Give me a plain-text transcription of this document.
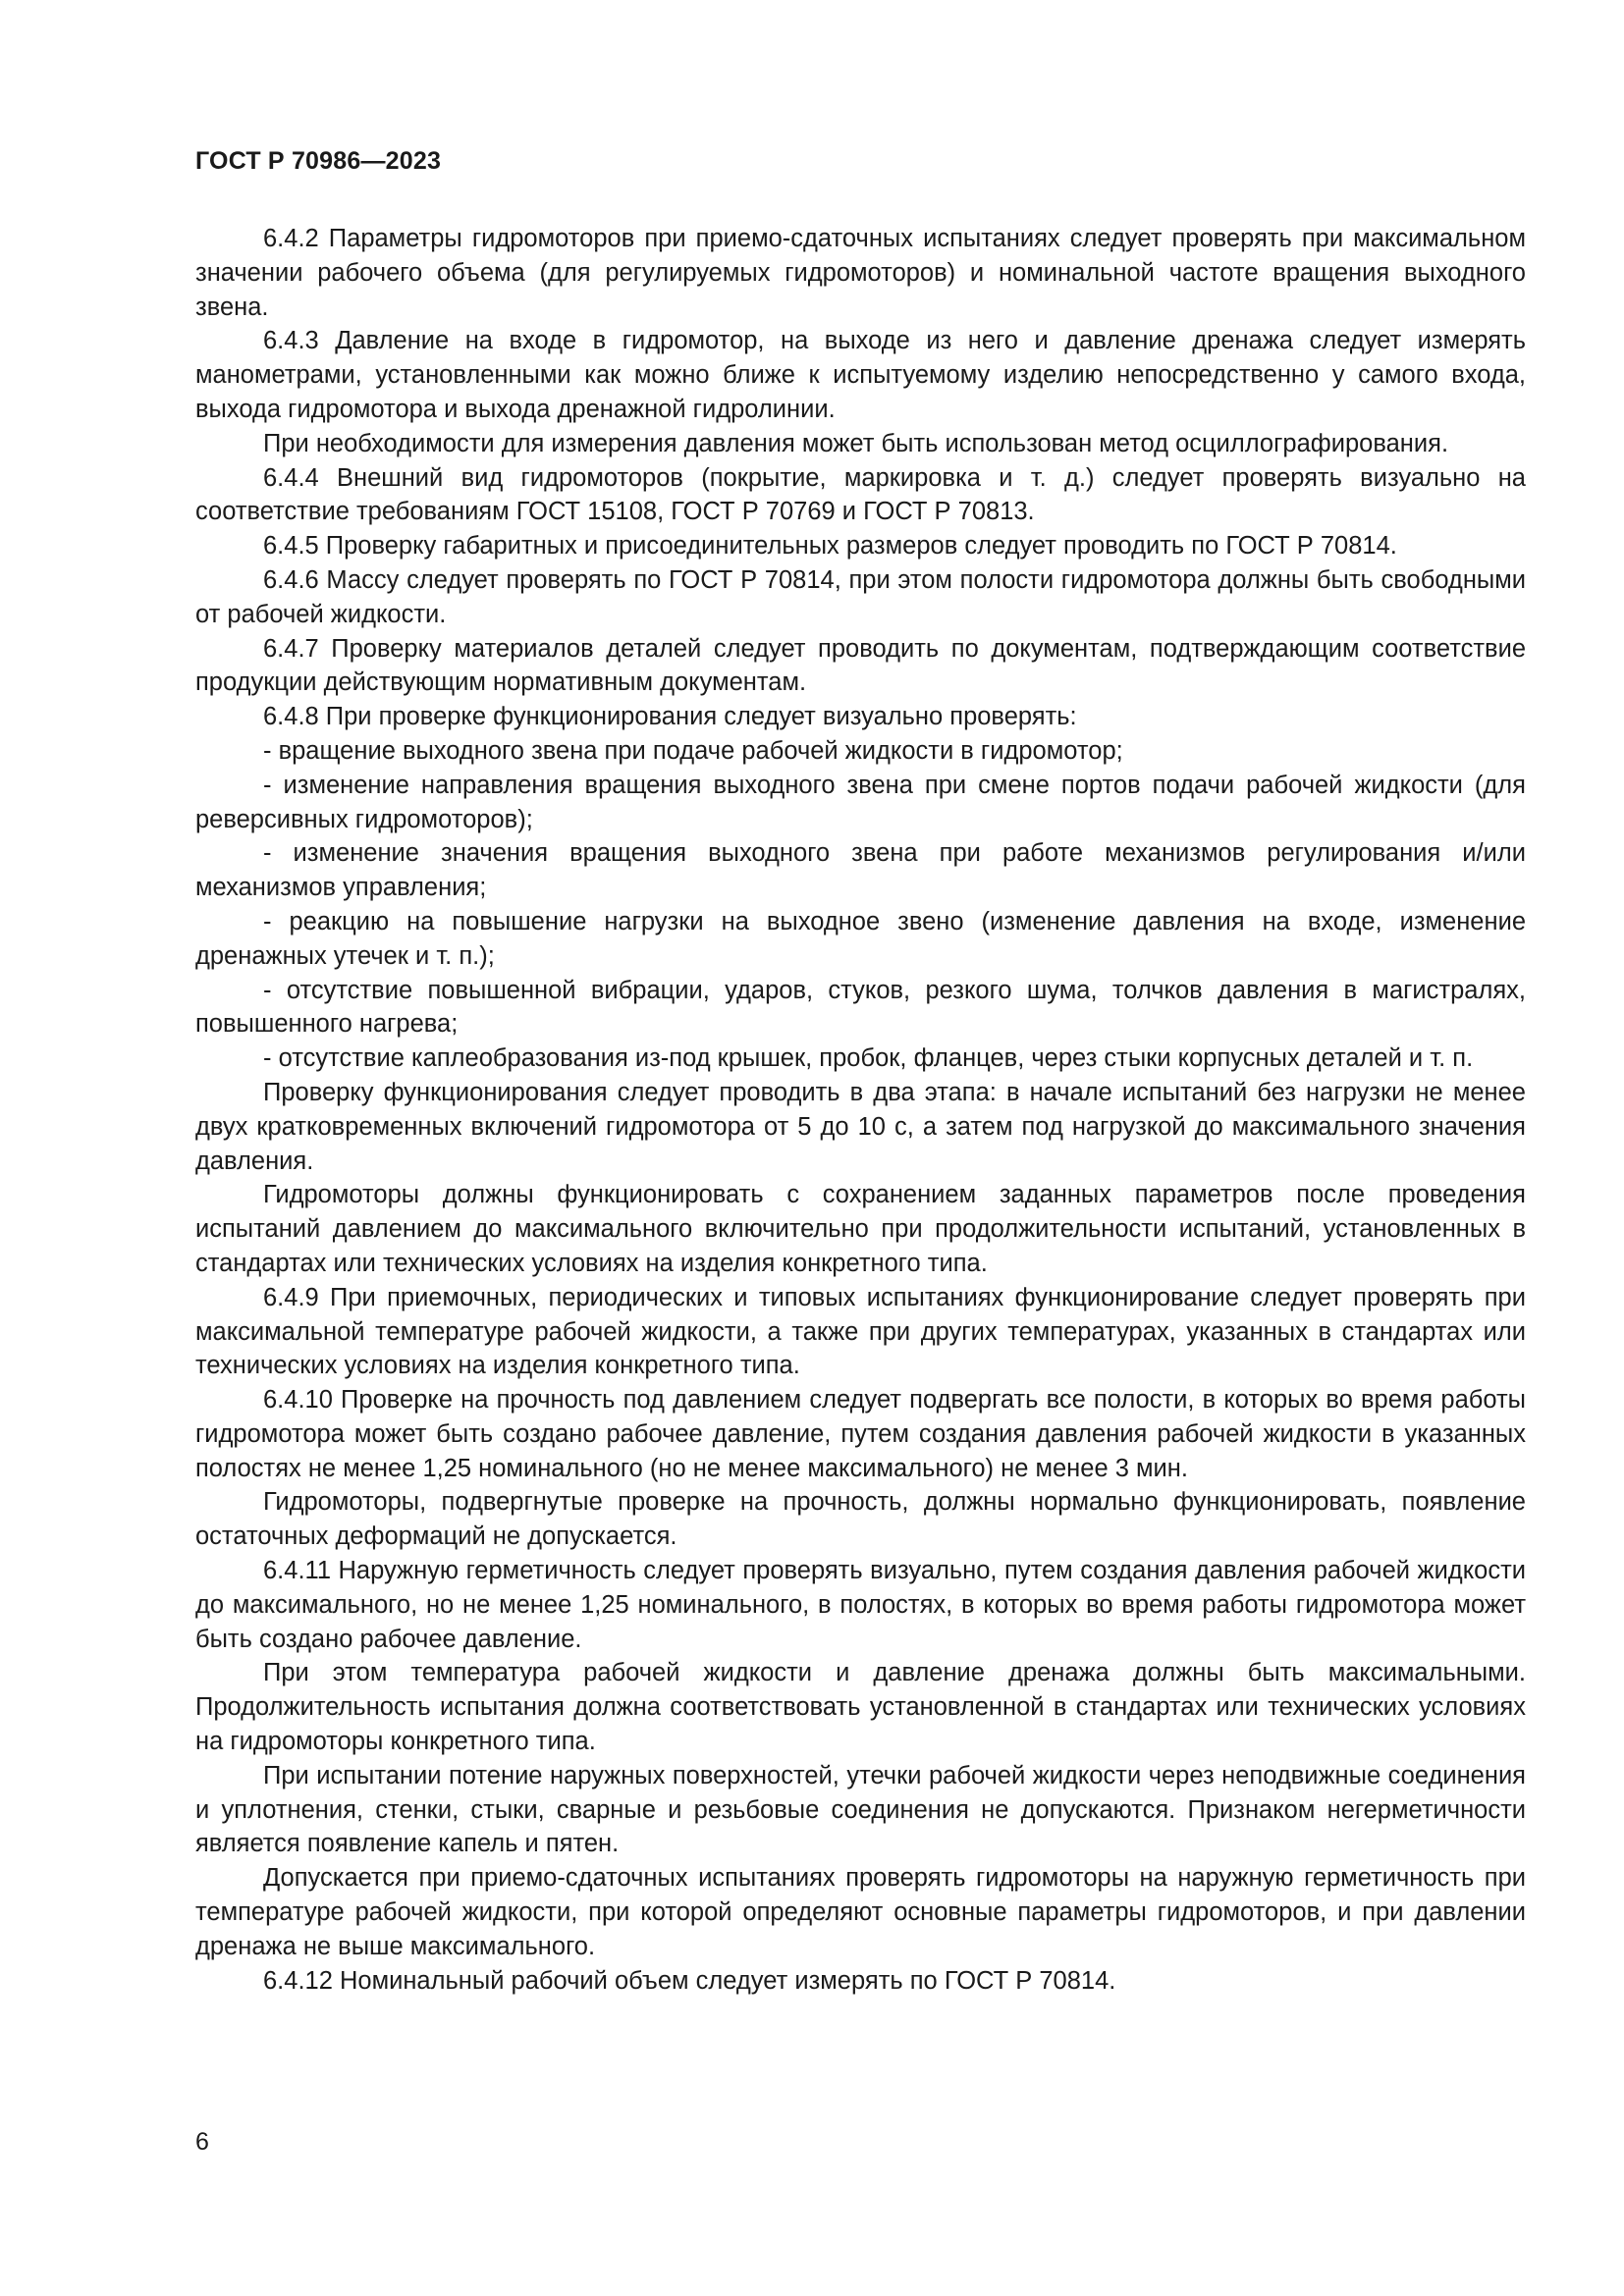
ГОСТ Р 70986—2023

6.4.2 Параметры гидромоторов при приемо-сдаточных испытаниях следует проверять при максимальном значении рабочего объема (для регулируемых гидромоторов) и номинальной частоте вращения выходного звена.

6.4.3 Давление на входе в гидромотор, на выходе из него и давление дренажа следует измерять манометрами, установленными как можно ближе к испытуемому изделию непосредственно у самого входа, выхода гидромотора и выхода дренажной гидролинии.

При необходимости для измерения давления может быть использован метод осциллографирования.

6.4.4 Внешний вид гидромоторов (покрытие, маркировка и т. д.) следует проверять визуально на соответствие требованиям ГОСТ 15108, ГОСТ Р 70769 и ГОСТ Р 70813.

6.4.5 Проверку габаритных и присоединительных размеров следует проводить по ГОСТ Р 70814.

6.4.6 Массу следует проверять по ГОСТ Р 70814, при этом полости гидромотора должны быть свободными от рабочей жидкости.

6.4.7 Проверку материалов деталей следует проводить по документам, подтверждающим соответствие продукции действующим нормативным документам.

6.4.8 При проверке функционирования следует визуально проверять:

- вращение выходного звена при подаче рабочей жидкости в гидромотор;

- изменение направления вращения выходного звена при смене портов подачи рабочей жидкости (для реверсивных гидромоторов);

- изменение значения вращения выходного звена при работе механизмов регулирования и/или механизмов управления;

- реакцию на повышение нагрузки на выходное звено (изменение давления на входе, изменение дренажных утечек и т. п.);

- отсутствие повышенной вибрации, ударов, стуков, резкого шума, толчков давления в магистралях, повышенного нагрева;

- отсутствие каплеобразования из-под крышек, пробок, фланцев, через стыки корпусных деталей и т. п.

Проверку функционирования следует проводить в два этапа: в начале испытаний без нагрузки не менее двух кратковременных включений гидромотора от 5 до 10 с, а затем под нагрузкой до максимального значения давления.

Гидромоторы должны функционировать с сохранением заданных параметров после проведения испытаний давлением до максимального включительно при продолжительности испытаний, установленных в стандартах или технических условиях на изделия конкретного типа.

6.4.9 При приемочных, периодических и типовых испытаниях функционирование следует проверять при максимальной температуре рабочей жидкости, а также при других температурах, указанных в стандартах или технических условиях на изделия конкретного типа.

6.4.10 Проверке на прочность под давлением следует подвергать все полости, в которых во время работы гидромотора может быть создано рабочее давление, путем создания давления рабочей жидкости в указанных полостях не менее 1,25 номинального (но не менее максимального) не менее 3 мин.

Гидромоторы, подвергнутые проверке на прочность, должны нормально функционировать, появление остаточных деформаций не допускается.

6.4.11 Наружную герметичность следует проверять визуально, путем создания давления рабочей жидкости до максимального, но не менее 1,25 номинального, в полостях, в которых во время работы гидромотора может быть создано рабочее давление.

При этом температура рабочей жидкости и давление дренажа должны быть максимальными. Продолжительность испытания должна соответствовать установленной в стандартах или технических условиях на гидромоторы конкретного типа.

При испытании потение наружных поверхностей, утечки рабочей жидкости через неподвижные соединения и уплотнения, стенки, стыки, сварные и резьбовые соединения не допускаются. Признаком негерметичности является появление капель и пятен.

Допускается при приемо-сдаточных испытаниях проверять гидромоторы на наружную герметичность при температуре рабочей жидкости, при которой определяют основные параметры гидромоторов, и при давлении дренажа не выше максимального.

6.4.12 Номинальный рабочий объем следует измерять по ГОСТ Р 70814.

6
